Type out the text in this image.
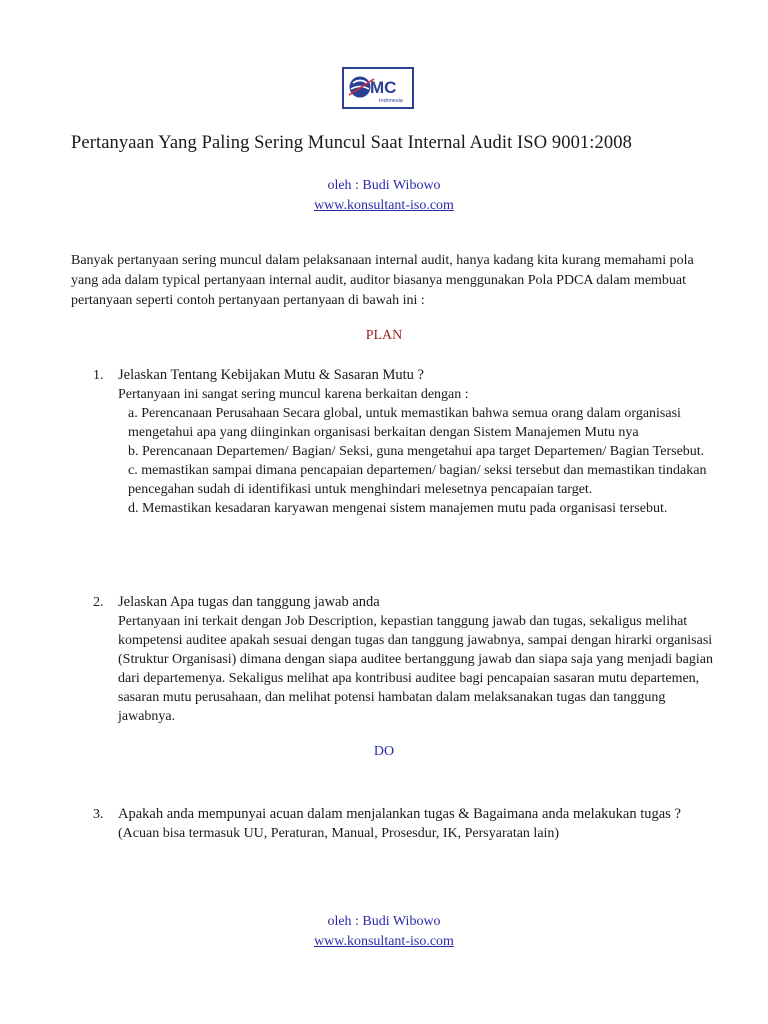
MC
Indonesia
Pertanyaan Yang Paling Sering Muncul Saat Internal Audit ISO 9001:2008
oleh : Budi Wibowo
www.konsultant-iso.com
Banyak pertanyaan sering muncul dalam pelaksanaan internal audit, hanya kadang kita kurang memahami pola yang ada dalam typical pertanyaan internal audit, auditor biasanya menggunakan Pola PDCA dalam membuat pertanyaan seperti contoh pertanyaan pertanyaan di bawah ini :
PLAN
1. Jelaskan Tentang Kebijakan Mutu & Sasaran Mutu ?
Pertanyaan ini sangat sering muncul karena berkaitan dengan :
a. Perencanaan Perusahaan Secara global, untuk memastikan bahwa semua orang dalam organisasi mengetahui apa yang diinginkan organisasi berkaitan dengan Sistem Manajemen Mutu nya
b. Perencanaan Departemen/ Bagian/ Seksi, guna mengetahui apa target Departemen/ Bagian Tersebut.
c. memastikan sampai dimana pencapaian departemen/ bagian/ seksi tersebut dan memastikan tindakan pencegahan sudah di identifikasi untuk menghindari melesetnya pencapaian target.
d. Memastikan kesadaran karyawan mengenai sistem manajemen mutu pada organisasi tersebut.
2. Jelaskan Apa tugas dan tanggung jawab anda
Pertanyaan ini terkait dengan Job Description, kepastian tanggung jawab dan tugas, sekaligus melihat kompetensi auditee apakah sesuai dengan tugas dan tanggung jawabnya, sampai dengan hirarki organisasi (Struktur Organisasi) dimana dengan siapa auditee bertanggung jawab dan siapa saja yang menjadi bagian dari departemenya. Sekaligus melihat apa kontribusi auditee bagi pencapaian sasaran mutu departemen, sasaran mutu perusahaan, dan melihat potensi hambatan dalam melaksanakan tugas dan tanggung jawabnya.
DO
3. Apakah anda mempunyai acuan dalam menjalankan tugas & Bagaimana anda melakukan tugas ? (Acuan bisa termasuk UU, Peraturan, Manual, Prosesdur, IK, Persyaratan lain)
oleh : Budi Wibowo
www.konsultant-iso.com
